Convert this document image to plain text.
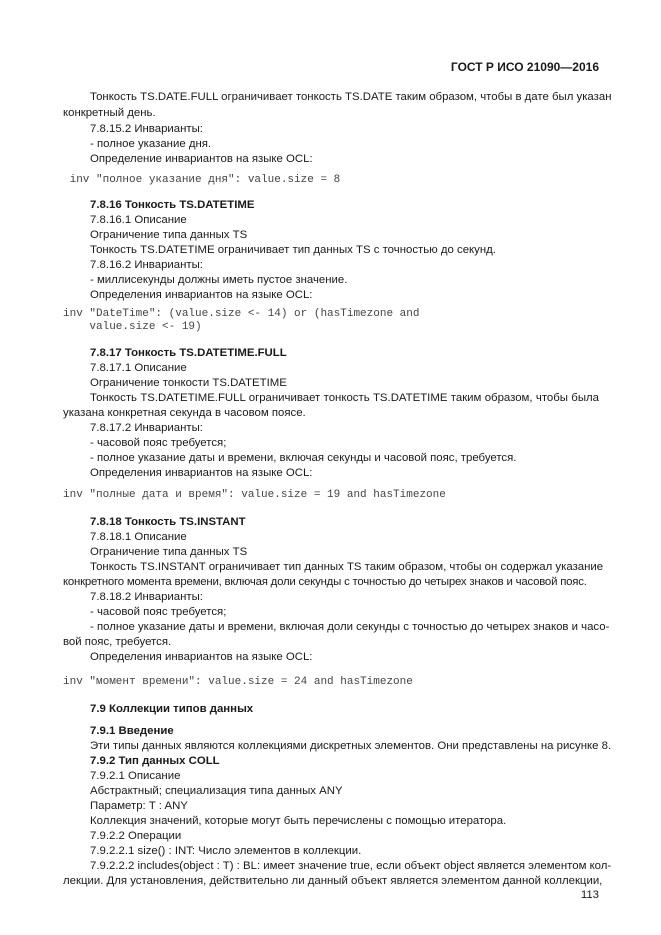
ГОСТ Р ИСО 21090—2016
Тонкость TS.DATE.FULL ограничивает тонкость TS.DATE таким образом, чтобы в дате был указан
конкретный день.
7.8.15.2 Инварианты:
- полное указание дня.
Определение инвариантов на языке OCL:
inv "полное указание дня": value.size = 8
7.8.16 Тонкость TS.DATETIME
7.8.16.1 Описание
Ограничение типа данных TS
Тонкость TS.DATETIME ограничивает тип данных TS с точностью до секунд.
7.8.16.2 Инварианты:
- миллисекунды должны иметь пустое значение.
Определения инвариантов на языке OCL:
inv "DateTime": (value.size <- 14) or (hasTimezone and
value.size <- 19)
7.8.17 Тонкость TS.DATETIME.FULL
7.8.17.1 Описание
Ограничение тонкости TS.DATETIME
Тонкость TS.DATETIME.FULL ограничивает тонкость TS.DATETIME таким образом, чтобы была
указана конкретная секунда в часовом поясе.
7.8.17.2 Инварианты:
- часовой пояс требуется;
- полное указание даты и времени, включая секунды и часовой пояс, требуется.
Определения инвариантов на языке OCL:
inv "полные дата и время": value.size = 19 and hasTimezone
7.8.18 Тонкость TS.INSTANT
7.8.18.1 Описание
Ограничение типа данных TS
Тонкость TS.INSTANT ограничивает тип данных TS таким образом, чтобы он содержал указание
конкретного момента времени, включая доли секунды с точностью до четырех знаков и часовой пояс.
7.8.18.2 Инварианты:
- часовой пояс требуется;
- полное указание даты и времени, включая доли секунды с точностью до четырех знаков и часо-
вой пояс, требуется.
Определения инвариантов на языке OCL:
inv "момент времени": value.size = 24 and hasTimezone
7.9 Коллекции типов данных
7.9.1 Введение
Эти типы данных являются коллекциями дискретных элементов. Они представлены на рисунке 8.
7.9.2 Тип данных COLL
7.9.2.1 Описание
Абстрактный; специализация типа данных ANY
Параметр: T : ANY
Коллекция значений, которые могут быть перечислены с помощью итератора.
7.9.2.2 Операции
7.9.2.2.1 size() : INT: Число элементов в коллекции.
7.9.2.2.2 includes(object : T) : BL: имеет значение true, если объект object является элементом кол-
лекции. Для установления, действительно ли данный объект является элементом данной коллекции,
113
